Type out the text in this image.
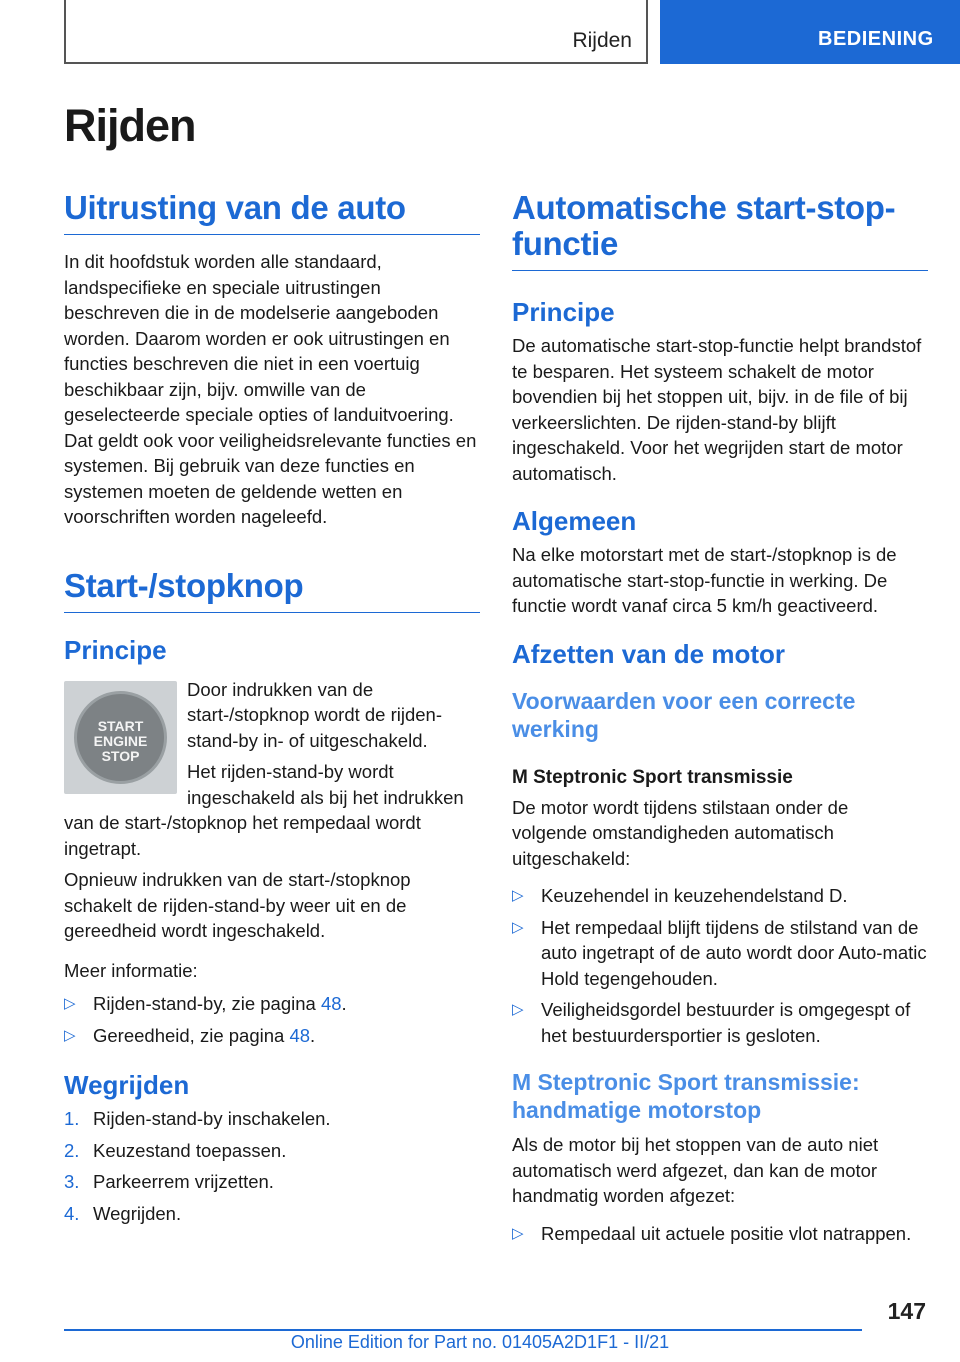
Rijden	BEDIENING
Rijden
Uitrusting van de auto

In dit hoofdstuk worden alle standaard, landspecifieke en speciale uitrustingen beschreven die in de modelserie aangeboden worden. Daarom worden er ook uitrustingen en functies beschreven die niet in een voertuig beschikbaar zijn, bijv. omwille van de geselecteerde speciale opties of landuitvoering. Dat geldt ook voor veiligheidsrelevante functies en systemen. Bij gebruik van deze functies en systemen moeten de geldende wetten en voorschriften worden nageleefd.

Start-/stopknop
Principe
START
ENGINE
STOP

Door indrukken van de start-/stopknop wordt de rijden-stand-by in- of uitgeschakeld.

Het rijden-stand-by wordt ingeschakeld als bij het indrukken van de start-/stopknop het rempedaal wordt ingetrapt.

Opnieuw indrukken van de start-/stopknop schakelt de rijden-stand-by weer uit en de gereedheid wordt ingeschakeld.

Meer informatie:

▷ Rijden-stand-by, zie pagina 48.
▷ Gereedheid, zie pagina 48.
Wegrijden
1. Rijden-stand-by inschakelen.
2. Keuzestand toepassen.
3. Parkeerrem vrijzetten.
4. Wegrijden.
Automatische start-stop-functie
Principe

De automatische start-stop-functie helpt brandstof te besparen. Het systeem schakelt de motor bovendien bij het stoppen uit, bijv. in de file of bij verkeerslichten. De rijden-stand-by blijft ingeschakeld. Voor het wegrijden start de motor automatisch.

Algemeen

Na elke motorstart met de start-/stopknop is de automatische start-stop-functie in werking. De functie wordt vanaf circa 5 km/h geactiveerd.

Afzetten van de motor
Voorwaarden voor een correcte werking
M Steptronic Sport transmissie

De motor wordt tijdens stilstaan onder de volgende omstandigheden automatisch uitgeschakeld:

▷ Keuzehendel in keuzehendelstand D.
▷ Het rempedaal blijft tijdens de stilstand van de auto ingetrapt of de auto wordt door Auto-matic Hold tegengehouden.
▷ Veiligheidsgordel bestuurder is omgegespt of het bestuurdersportier is gesloten.
M Steptronic Sport transmissie: handmatige motorstop

Als de motor bij het stoppen van de auto niet automatisch werd afgezet, dan kan de motor handmatig worden afgezet:

▷ Rempedaal uit actuele positie vlot natrappen.
147
Online Edition for Part no. 01405A2D1F1 - II/21
